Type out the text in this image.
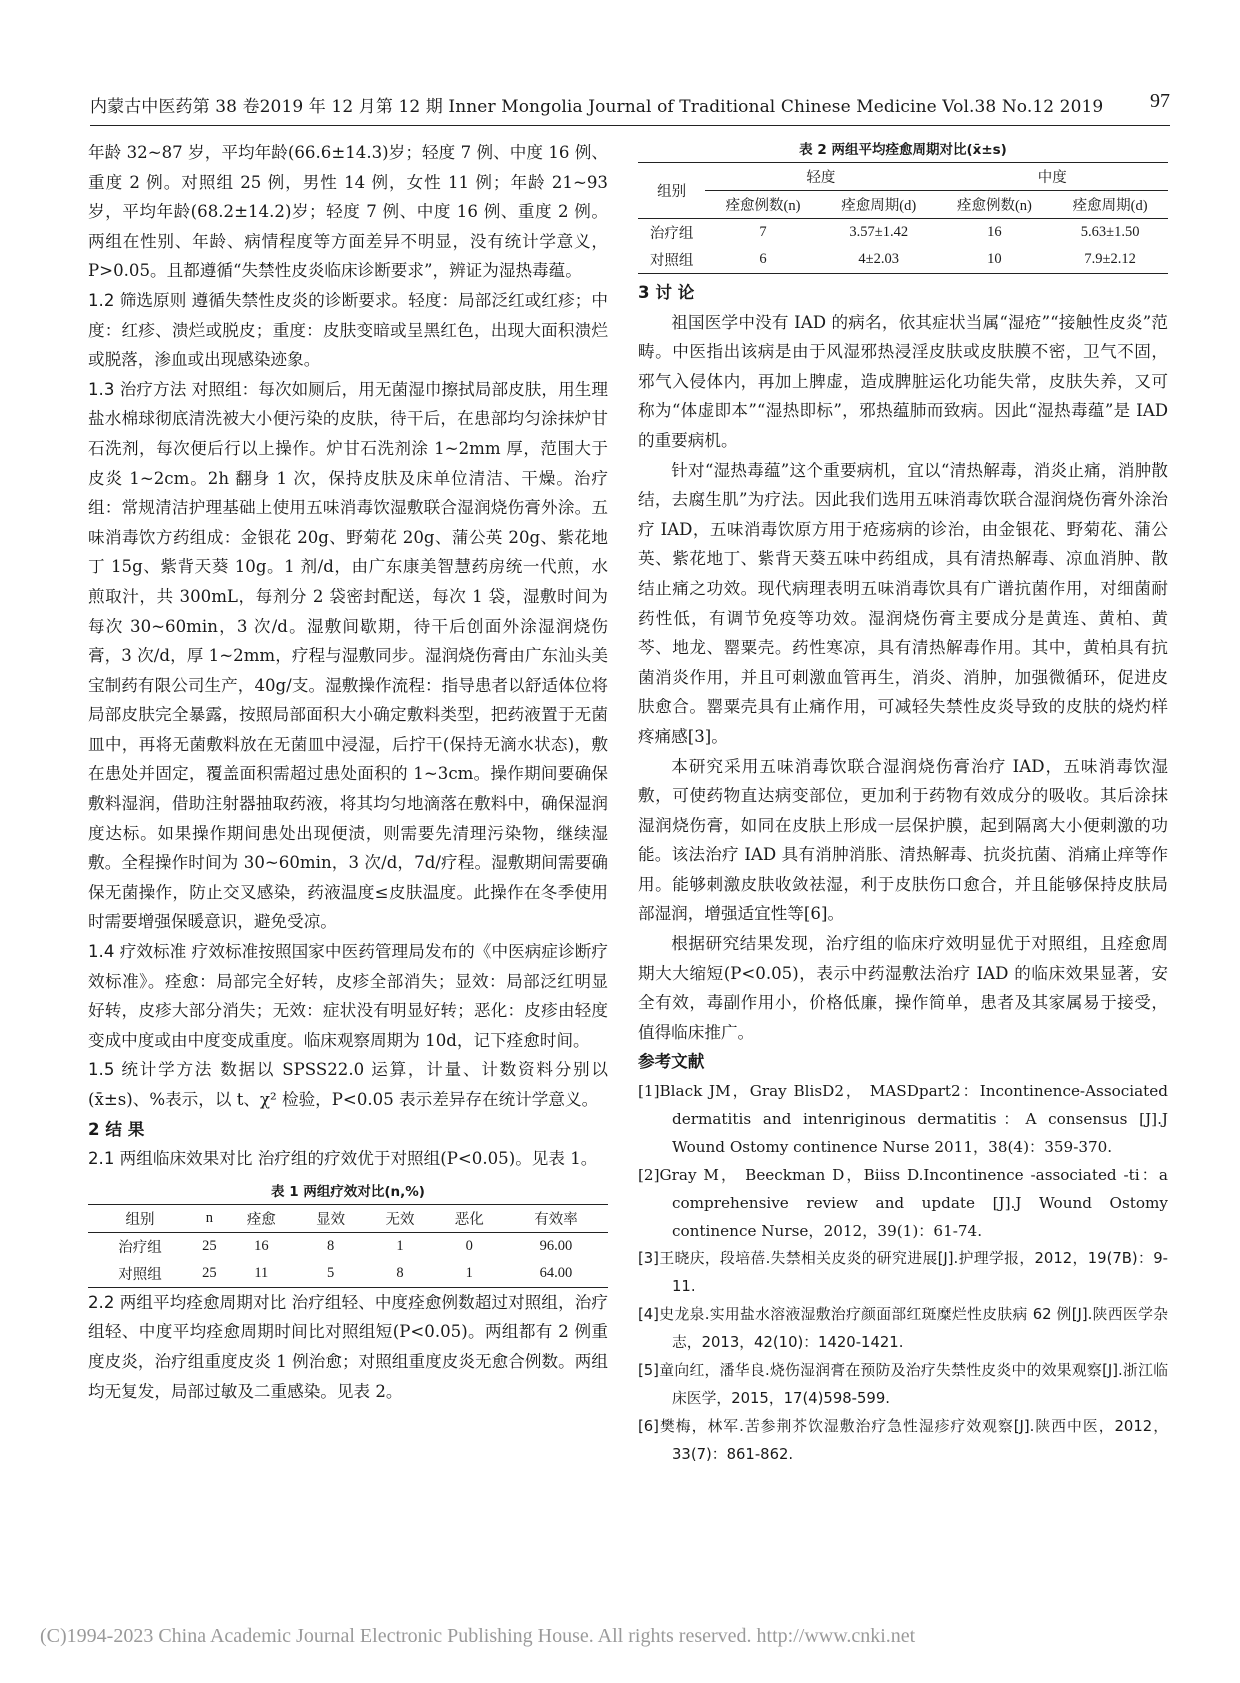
内蒙古中医药第 38 卷2019 年 12 月第 12 期 Inner Mongolia Journal of Traditional Chinese Medicine Vol.38 No.12 2019 97

年龄 32~87 岁，平均年龄(66.6±14.3)岁；轻度 7 例、中度 16 例、重度 2 例。对照组 25 例，男性 14 例，女性 11 例；年龄 21~93 岁，平均年龄(68.2±14.2)岁；轻度 7 例、中度 16 例、重度 2 例。两组在性别、年龄、病情程度等方面差异不明显，没有统计学意义，P>0.05。且都遵循“失禁性皮炎临床诊断要求”，辨证为湿热毒蕴。

1.2 筛选原则 遵循失禁性皮炎的诊断要求。轻度：局部泛红或红疹；中度：红疹、溃烂或脱皮；重度：皮肤变暗或呈黑红色，出现大面积溃烂或脱落，渗血或出现感染迹象。

1.3 治疗方法 对照组：每次如厕后，用无菌湿巾擦拭局部皮肤，用生理盐水棉球彻底清洗被大小便污染的皮肤，待干后，在患部均匀涂抹炉甘石洗剂，每次便后行以上操作。炉甘石洗剂涂 1~2mm 厚，范围大于皮炎 1~2cm。2h 翻身 1 次，保持皮肤及床单位清洁、干燥。治疗组：常规清洁护理基础上使用五味消毒饮湿敷联合湿润烧伤膏外涂。五味消毒饮方药组成：金银花 20g、野菊花 20g、蒲公英 20g、紫花地丁 15g、紫背天葵 10g。1 剂/d，由广东康美智慧药房统一代煎，水煎取汁，共 300mL，每剂分 2 袋密封配送，每次 1 袋，湿敷时间为每次 30~60min，3 次/d。湿敷间歇期，待干后创面外涂湿润烧伤膏，3 次/d，厚 1~2mm，疗程与湿敷同步。湿润烧伤膏由广东汕头美宝制药有限公司生产，40g/支。湿敷操作流程：指导患者以舒适体位将局部皮肤完全暴露，按照局部面积大小确定敷料类型，把药液置于无菌皿中，再将无菌敷料放在无菌皿中浸湿，后拧干(保持无滴水状态)，敷在患处并固定，覆盖面积需超过患处面积的 1~3cm。操作期间要确保敷料湿润，借助注射器抽取药液，将其均匀地滴落在敷料中，确保湿润度达标。如果操作期间患处出现便渍，则需要先清理污染物，继续湿敷。全程操作时间为 30~60min，3 次/d，7d/疗程。湿敷期间需要确保无菌操作，防止交叉感染，药液温度≤皮肤温度。此操作在冬季使用时需要增强保暖意识，避免受凉。

1.4 疗效标准 疗效标准按照国家中医药管理局发布的《中医病症诊断疗效标准》。痊愈：局部完全好转，皮疹全部消失；显效：局部泛红明显好转，皮疹大部分消失；无效：症状没有明显好转；恶化：皮疹由轻度变成中度或由中度变成重度。临床观察周期为 10d，记下痊愈时间。

1.5 统计学方法 数据以 SPSS22.0 运算，计量、计数资料分别以(x̄±s)、%表示，以 t、χ² 检验，P<0.05 表示差异存在统计学意义。

2 结 果

2.1 两组临床效果对比 治疗组的疗效优于对照组(P<0.05)。见表 1。

表 1 两组疗效对比(n,%)
组别	n	痊愈	显效	无效	恶化	有效率
治疗组	25	16	8	1	0	96.00
对照组	25	11	5	8	1	64.00

2.2 两组平均痊愈周期对比 治疗组轻、中度痊愈例数超过对照组，治疗组轻、中度平均痊愈周期时间比对照组短(P<0.05)。两组都有 2 例重度皮炎，治疗组重度皮炎 1 例治愈；对照组重度皮炎无愈合例数。两组均无复发，局部过敏及二重感染。见表 2。

表 2 两组平均痊愈周期对比(x̄±s)
组别	轻度		中度	
	痊愈例数(n)	痊愈周期(d)	痊愈例数(n)	痊愈周期(d)
治疗组	7	3.57±1.42	16	5.63±1.50
对照组	6	4±2.03	10	7.9±2.12
3 讨 论

祖国医学中没有 IAD 的病名，依其症状当属“湿疮”“接触性皮炎”范畴。中医指出该病是由于风湿邪热浸淫皮肤或皮肤膜不密，卫气不固，邪气入侵体内，再加上脾虚，造成脾脏运化功能失常，皮肤失养，又可称为“体虚即本”“湿热即标”，邪热蕴肺而致病。因此“湿热毒蕴”是 IAD 的重要病机。

针对“湿热毒蕴”这个重要病机，宜以“清热解毒，消炎止痛，消肿散结，去腐生肌”为疗法。因此我们选用五味消毒饮联合湿润烧伤膏外涂治疗 IAD，五味消毒饮原方用于疮疡病的诊治，由金银花、野菊花、蒲公英、紫花地丁、紫背天葵五味中药组成，具有清热解毒、凉血消肿、散结止痛之功效。现代病理表明五味消毒饮具有广谱抗菌作用，对细菌耐药性低，有调节免疫等功效。湿润烧伤膏主要成分是黄连、黄柏、黄芩、地龙、罂粟壳。药性寒凉，具有清热解毒作用。其中，黄柏具有抗菌消炎作用，并且可刺激血管再生，消炎、消肿，加强微循环，促进皮肤愈合。罂粟壳具有止痛作用，可减轻失禁性皮炎导致的皮肤的烧灼样疼痛感[3]。

本研究采用五味消毒饮联合湿润烧伤膏治疗 IAD，五味消毒饮湿敷，可使药物直达病变部位，更加利于药物有效成分的吸收。其后涂抹湿润烧伤膏，如同在皮肤上形成一层保护膜，起到隔离大小便刺激的功能。该法治疗 IAD 具有消肿消胀、清热解毒、抗炎抗菌、消痛止痒等作用。能够刺激皮肤收敛祛湿，利于皮肤伤口愈合，并且能够保持皮肤局部湿润，增强适宜性等[6]。

根据研究结果发现，治疗组的临床疗效明显优于对照组，且痊愈周期大大缩短(P<0.05)，表示中药湿敷法治疗 IAD 的临床效果显著，安全有效，毒副作用小，价格低廉，操作简单，患者及其家属易于接受，值得临床推广。

参考文献

[1]Black JM，Gray BlisD2， MASDpart2：Incontinence-Associated dermatitis and intenriginous dermatitis：A consensus [J].J Wound Ostomy continence Nurse 2011，38(4)：359-370.

[2]Gray M， Beeckman D，Biiss D.Incontinence -associated -ti：a comprehensive review and update [J].J Wound Ostomy continence Nurse，2012，39(1)：61-74.

[3]王晓庆，段培蓓.失禁相关皮炎的研究进展[J].护理学报，2012，19(7B)：9-11.

[4]史龙泉.实用盐水溶液湿敷治疗颜面部红斑糜烂性皮肤病 62 例[J].陕西医学杂志，2013，42(10)：1420-1421.

[5]童向红，潘华良.烧伤湿润膏在预防及治疗失禁性皮炎中的效果观察[J].浙江临床医学，2015，17(4)598-599.

[6]樊梅，林军.苦参荆芥饮湿敷治疗急性湿疹疗效观察[J].陕西中医，2012，33(7)：861-862.

(C)1994-2023 China Academic Journal Electronic Publishing House. All rights reserved. http://www.cnki.net
